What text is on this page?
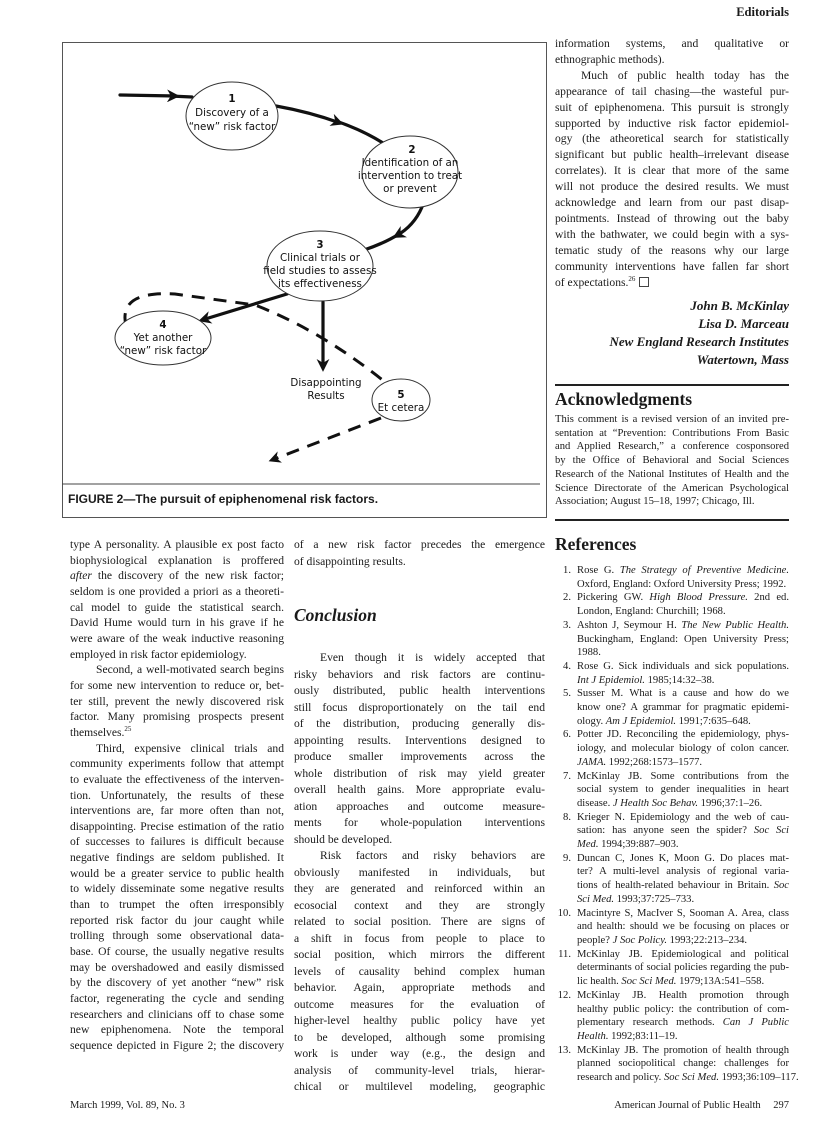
Editorials
1
Discovery of a
“new” risk factor
2
Identification of an
intervention to treat
or prevent
3
Clinical trials or
field studies to assess
its effectiveness
4
Yet another
“new” risk factor
5
Et cetera
Disappointing
Results
FIGURE 2—The pursuit of epiphenomenal risk factors.
type A personality. A plausible ex post facto
biophysiological explanation is proffered
after the discovery of the new risk factor;
seldom is one provided a priori as a theoreti-
cal model to guide the statistical search.
David Hume would turn in his grave if he
were aware of the weak inductive reasoning
employed in risk factor epidemiology.
Second, a well-motivated search begins
for some new intervention to reduce or, bet-
ter still, prevent the newly discovered risk
factor. Many promising prospects present
themselves.$^{25}$
Third, expensive clinical trials and
community experiments follow that attempt
to evaluate the effectiveness of the interven-
tion. Unfortunately, the results of these
interventions are, far more often than not,
disappointing. Precise estimation of the ratio
of successes to failures is difficult because
negative findings are seldom published. It
would be a greater service to public health
to widely disseminate some negative results
than to trumpet the often irresponsibly
reported risk factor du jour caught while
trolling through some observational data-
base. Of course, the usually negative results
may be overshadowed and easily dismissed
by the discovery of yet another “new” risk
factor, regenerating the cycle and sending
researchers and clinicians off to chase some
new epiphenomena. Note the temporal
sequence depicted in Figure 2; the discovery
of a new risk factor precedes the emergence
of disappointing results.
Conclusion
Even though it is widely accepted that
risky behaviors and risk factors are continu-
ously distributed, public health interventions
still focus disproportionately on the tail end
of the distribution, producing generally dis-
appointing results. Interventions designed to
produce smaller improvements across the
whole distribution of risk may yield greater
overall health gains. More appropriate evalu-
ation approaches and outcome measure-
ments for whole-population interventions
should be developed.
Risk factors and risky behaviors are
obviously manifested in individuals, but
they are generated and reinforced within an
ecosocial context and they are strongly
related to social position. There are signs of
a shift in focus from people to place to
social position, which mirrors the different
levels of causality behind complex human
behavior. Again, appropriate methods and
outcome measures for the evaluation of
higher-level healthy public policy have yet
to be developed, although some promising
work is under way (e.g., the design and
analysis of community-level trials, hierar-
chical or multilevel modeling, geographic
information systems, and qualitative or
ethnographic methods).
Much of public health today has the
appearance of tail chasing—the wasteful pur-
suit of epiphenomena. This pursuit is strongly
supported by inductive risk factor epidemiol-
ogy (the atheoretical search for statistically
significant but public health–irrelevant disease
correlates). It is clear that more of the same
will not produce the desired results. We must
acknowledge and learn from our past disap-
pointments. Instead of throwing out the baby
with the bathwater, we could begin with a sys-
tematic study of the reasons why our large
community interventions have fallen far short
of expectations.$^{26}$
John B. McKinlay
Lisa D. Marceau
New England Research Institutes
Watertown, Mass
Acknowledgments
This comment is a revised version of an invited pre-
sentation at “Prevention: Contributions From Basic
and Applied Research,” a conference cosponsored
by the Office of Behavioral and Social Sciences
Research of the National Institutes of Health and the
Science Directorate of the American Psychological
Association; August 15–18, 1997; Chicago, Ill.
References
1. Rose G. The Strategy of Preventive Medicine.
Oxford, England: Oxford University Press; 1992.
2. Pickering GW. High Blood Pressure. 2nd ed.
London, England: Churchill; 1968.
3. Ashton J, Seymour H. The New Public Health.
Buckingham, England: Open University Press;
1988.
4. Rose G. Sick individuals and sick populations.
Int J Epidemiol. 1985;14:32–38.
5. Susser M. What is a cause and how do we
know one? A grammar for pragmatic epidemi-
ology. Am J Epidemiol. 1991;7:635–648.
6. Potter JD. Reconciling the epidemiology, phys-
iology, and molecular biology of colon cancer.
JAMA. 1992;268:1573–1577.
7. McKinlay JB. Some contributions from the
social system to gender inequalities in heart
disease. J Health Soc Behav. 1996;37:1–26.
8. Krieger N. Epidemiology and the web of cau-
sation: has anyone seen the spider? Soc Sci
Med. 1994;39:887–903.
9. Duncan C, Jones K, Moon G. Do places mat-
ter? A multi-level analysis of regional varia-
tions of health-related behaviour in Britain. Soc
Sci Med. 1993;37:725–733.
10. Macintyre S, MacIver S, Sooman A. Area, class
and health: should we be focusing on places or
people? J Soc Policy. 1993;22:213–234.
11. McKinlay JB. Epidemiological and political
determinants of social policies regarding the pub-
lic health. Soc Sci Med. 1979;13A:541–558.
12. McKinlay JB. Health promotion through
healthy public policy: the contribution of com-
plementary research methods. Can J Public
Health. 1992;83:11–19.
13. McKinlay JB. The promotion of health through
planned sociopolitical change: challenges for
research and policy. Soc Sci Med. 1993;36:109–117.
March 1999, Vol. 89, No. 3	American Journal of Public Health 297
